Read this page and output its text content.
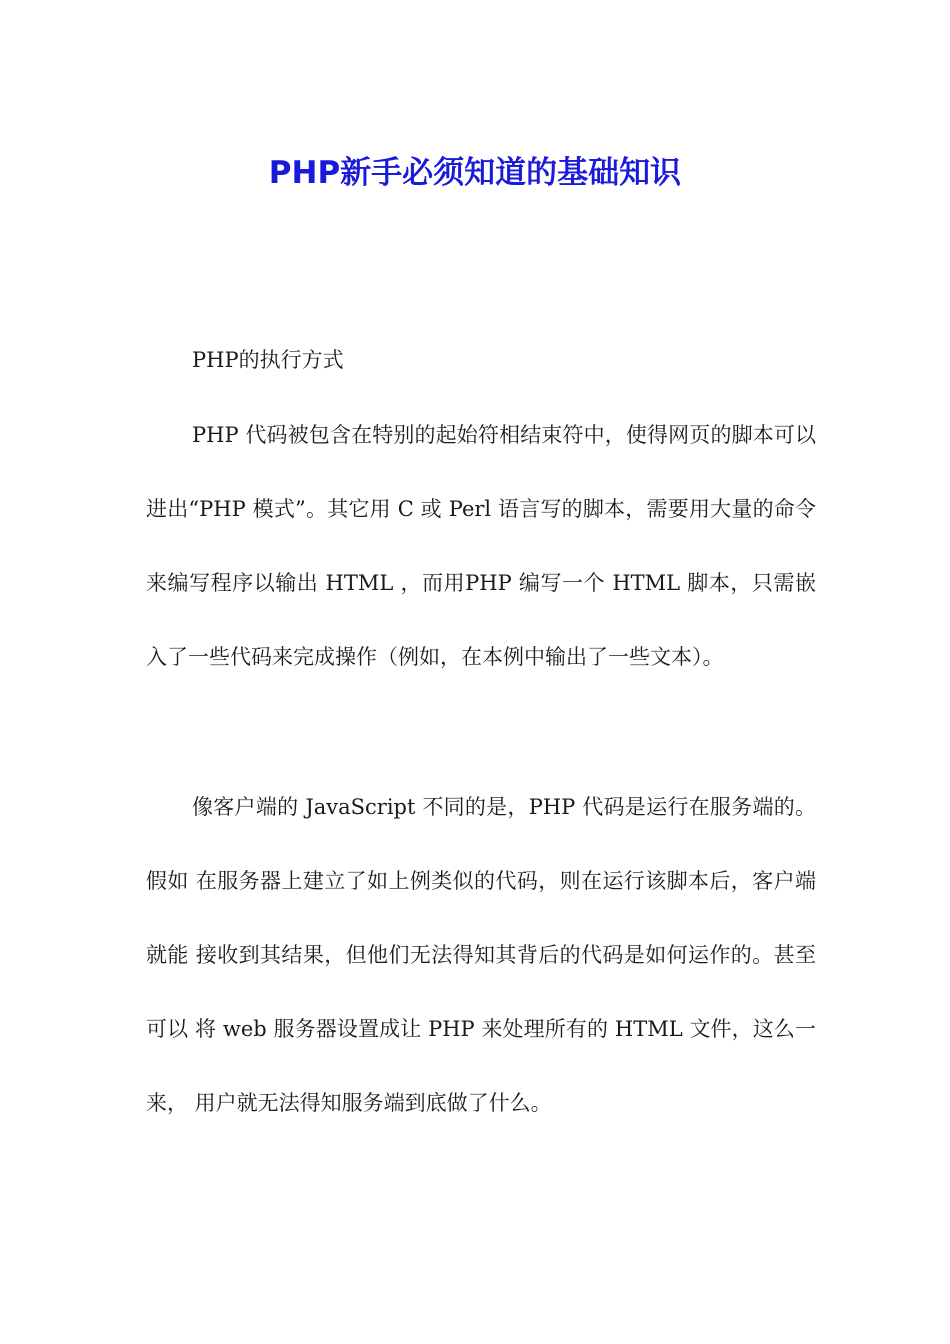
PHP新手必须知道的基础知识

PHP的执行方式

PHP 代码被包含在特别的起始符相结束符中，使得网页的脚本可以进出“PHP 模式”。其它用 C 或 Perl 语言写的脚本，需要用大量的命令来编写程序以输出 HTML ，而用PHP 编写一个 HTML 脚本，只需嵌入了一些代码来完成操作（例如，在本例中输出了一些文本）。

像客户端的 JavaScript 不同的是，PHP 代码是运行在服务端的。假如 在服务器上建立了如上例类似的代码，则在运行该脚本后，客户端就能 接收到其结果，但他们无法得知其背后的代码是如何运作的。甚至可以 将 web 服务器设置成让 PHP 来处理所有的 HTML 文件，这么一来， 用户就无法得知服务端到底做了什么。
